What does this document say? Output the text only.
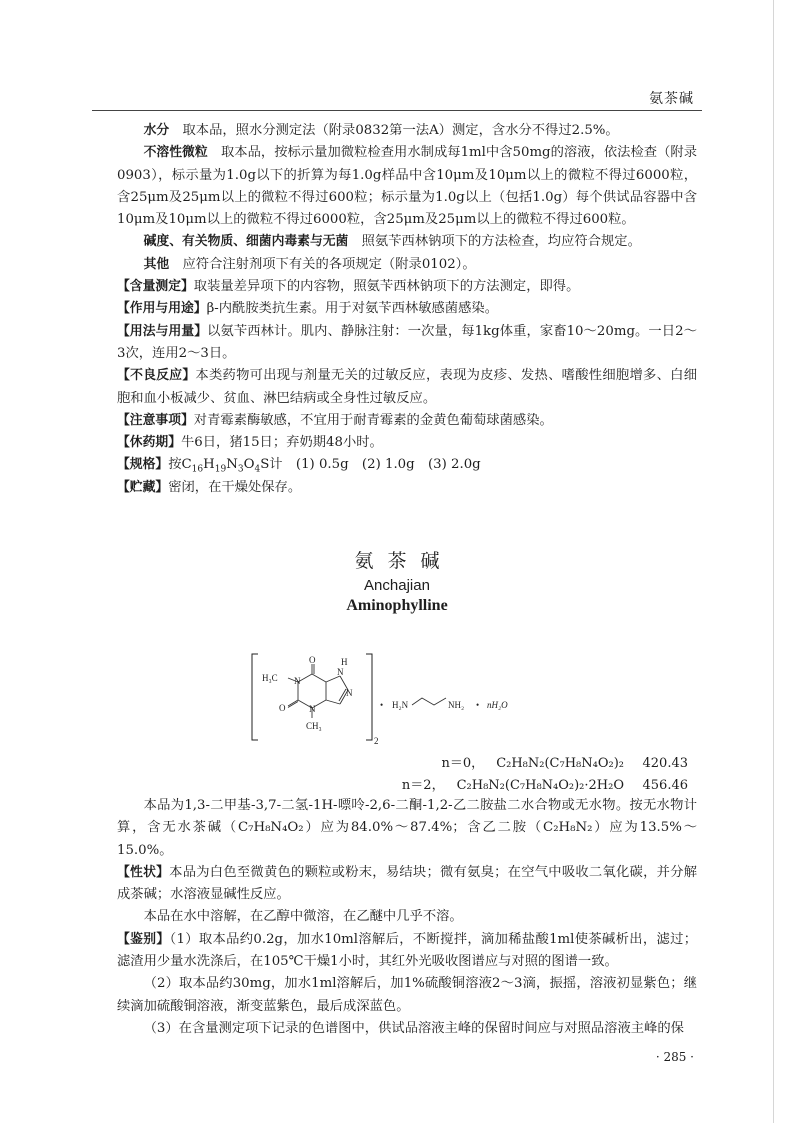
氨茶碱

水分　取本品，照水分测定法（附录0832第一法A）测定，含水分不得过2.5%。

不溶性微粒　取本品，按标示量加微粒检查用水制成每1ml中含50mg的溶液，依法检查（附录0903），标示量为1.0g以下的折算为每1.0g样品中含10μm及10μm以上的微粒不得过6000粒，含25μm及25μm以上的微粒不得过600粒；标示量为1.0g以上（包括1.0g）每个供试品容器中含10μm及10μm以上的微粒不得过6000粒，含25μm及25μm以上的微粒不得过600粒。

碱度、有关物质、细菌内毒素与无菌　照氨苄西林钠项下的方法检查，均应符合规定。

其他　应符合注射剂项下有关的各项规定（附录0102）。

【含量测定】取装量差异项下的内容物，照氨苄西林钠项下的方法测定，即得。

【作用与用途】β-内酰胺类抗生素。用于对氨苄西林敏感菌感染。

【用法与用量】以氨苄西林计。肌内、静脉注射：一次量，每1kg体重，家畜10～20mg。一日2～3次，连用2～3日。

【不良反应】本类药物可出现与剂量无关的过敏反应，表现为皮疹、发热、嗜酸性细胞增多、白细胞和血小板减少、贫血、淋巴结病或全身性过敏反应。

【注意事项】对青霉素酶敏感，不宜用于耐青霉素的金黄色葡萄球菌感染。

【休药期】牛6日，猪15日；弃奶期48小时。

【规格】按$C_{16}H_{19}N_3O_4S$计　(1) 0.5g　(2) 1.0g　(3) 2.0g

【贮藏】密闭，在干燥处保存。

氨茶碱
Anchajian
Aminophylline
H₃C
O
O
N
N
CH₃
N
H
N
2
• H₂N	NH₂ • nH₂O
n＝0， C₂H₈N₂(C₇H₈N₄O₂)₂	420.43
n＝2， C₂H₈N₂(C₇H₈N₄O₂)₂·2H₂O	456.46

本品为1,3-二甲基-3,7-二氢-1H-嘌呤-2,6-二酮-1,2-乙二胺盐二水合物或无水物。按无水物计算，含无水茶碱（C₇H₈N₄O₂）应为84.0%～87.4%；含乙二胺（C₂H₈N₂）应为13.5%～15.0%。

【性状】本品为白色至微黄色的颗粒或粉末，易结块；微有氨臭；在空气中吸收二氧化碳，并分解成茶碱；水溶液显碱性反应。

本品在水中溶解，在乙醇中微溶，在乙醚中几乎不溶。

【鉴别】（1）取本品约0.2g，加水10ml溶解后，不断搅拌，滴加稀盐酸1ml使茶碱析出，滤过；滤渣用少量水洗涤后，在105℃干燥1小时，其红外光吸收图谱应与对照的图谱一致。

（2）取本品约30mg，加水1ml溶解后，加1%硫酸铜溶液2～3滴，振摇，溶液初显紫色；继续滴加硫酸铜溶液，渐变蓝紫色，最后成深蓝色。

（3）在含量测定项下记录的色谱图中，供试品溶液主峰的保留时间应与对照品溶液主峰的保

· 285 ·
